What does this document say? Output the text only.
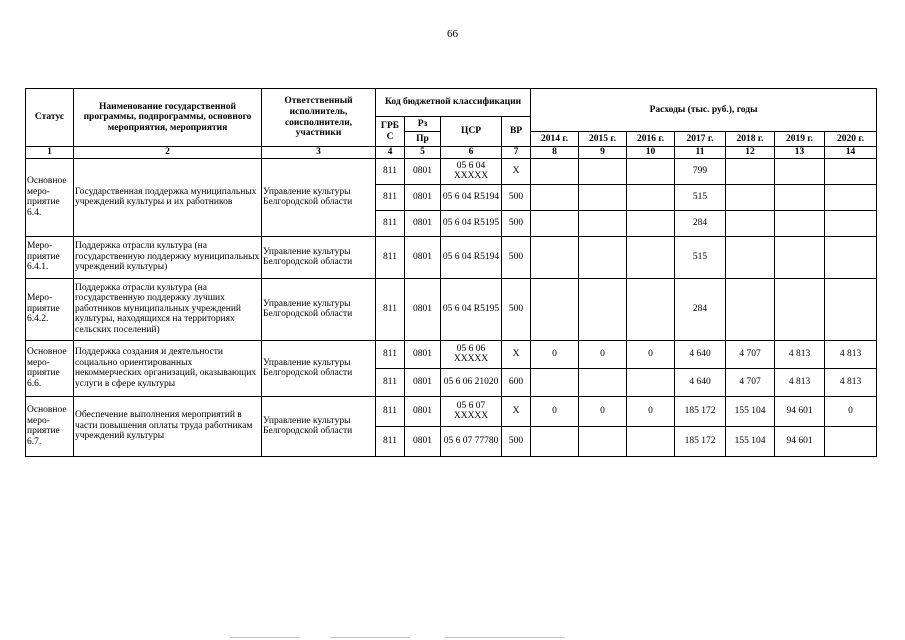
66
Статус	Наименование государственной программы, подпрограммы, основного мероприятия, мероприятия	Ответственный исполнитель, соисполнители, участники	Код бюджетной классификации				Расходы (тыс. руб.), годы						
			ГРБ С	Рз	ЦСР	ВР							
				Пр			2014 г.	2015 г.	2016 г.	2017 г.	2018 г.	2019 г.	2020 г.
1	2	3	4	5	6	7	8	9	10	11	12	13	14
Основное меро-приятие 6.4.	Государственная поддержка муниципальных учреждений культуры и их работников	Управление культуры Белгородской области	811	0801	05 6 04 XXXXX	X				799			
			811	0801	05 6 04 R5194	500				515			
			811	0801	05 6 04 R5195	500				284			
Меро-приятие 6.4.1.	Поддержка отрасли культура (на государственную поддержку муниципальных учреждений культуры)	Управление культуры Белгородской области	811	0801	05 6 04 R5194	500				515			
Меро-приятие 6.4.2.	Поддержка отрасли культура (на государственную поддержку лучших работников муниципальных учреждений культуры, находящихся на территориях сельских поселений)	Управление культуры Белгородской области	811	0801	05 6 04 R5195	500				284			
Основное меро-приятие 6.6.	Поддержка создания и деятельности социально ориентированных некоммерческих организаций, оказывающих услуги в сфере культуры	Управление культуры Белгородской области	811	0801	05 6 06 XXXXX	X	0	0	0	4 640	4 707	4 813	4 813
			811	0801	05 6 06 21020	600				4 640	4 707	4 813	4 813
Основное меро-приятие 6.7.	Обеспечение выполнения мероприятий в части повышения оплаты труда работникам учреждений культуры	Управление культуры Белгородской области	811	0801	05 6 07 XXXXX	X	0	0	0	185 172	155 104	94 601	0
			811	0801	05 6 07 77780	500				185 172	155 104	94 601	
